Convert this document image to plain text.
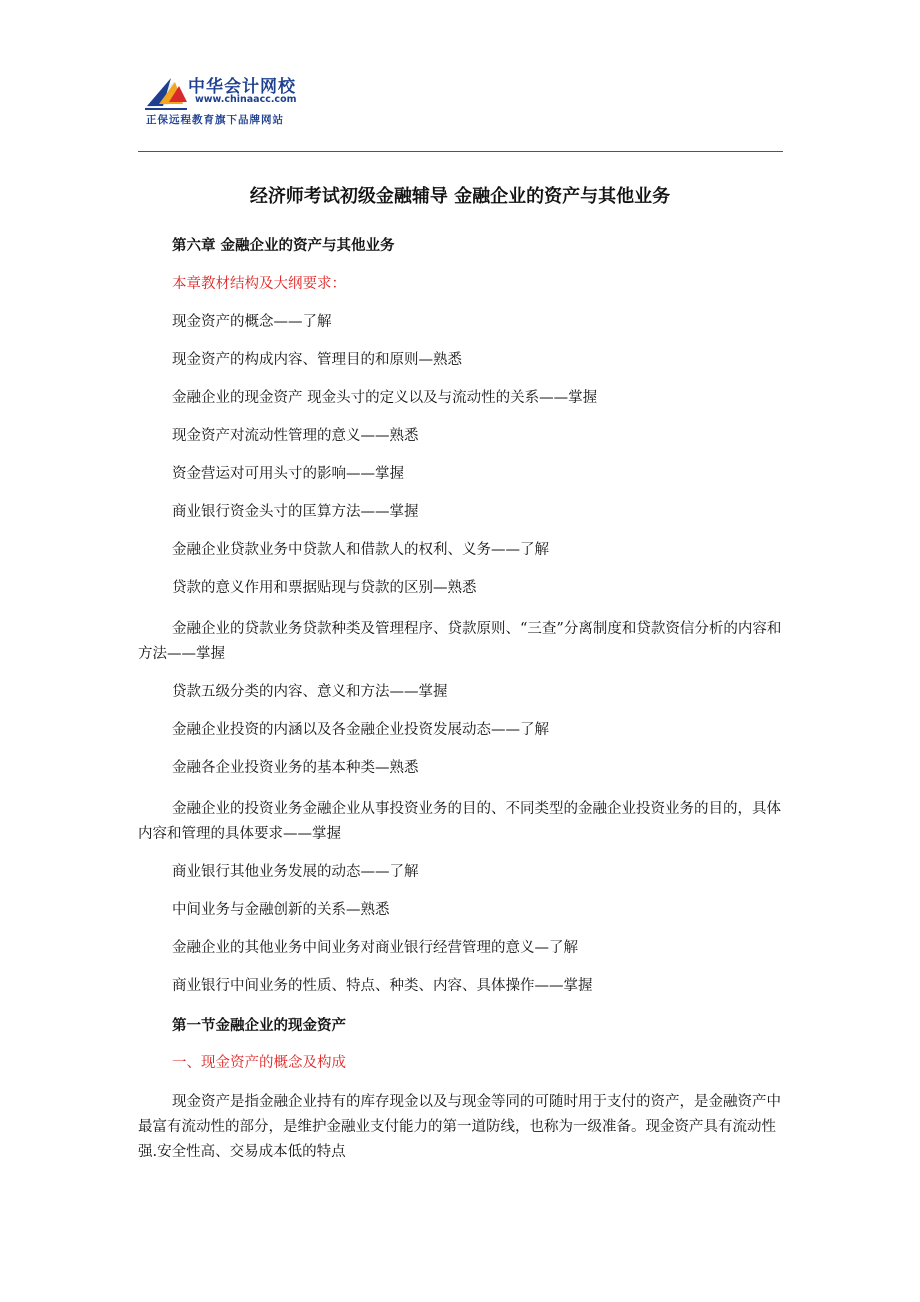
中华会计网校
www.chinaacc.com
正保远程教育旗下品牌网站
经济师考试初级金融辅导 金融企业的资产与其他业务
第六章 金融企业的资产与其他业务
本章教材结构及大纲要求：
现金资产的概念——了解
现金资产的构成内容、管理目的和原则—熟悉
金融企业的现金资产 现金头寸的定义以及与流动性的关系——掌握
现金资产对流动性管理的意义——熟悉
资金营运对可用头寸的影响——掌握
商业银行资金头寸的匡算方法——掌握
金融企业贷款业务中贷款人和借款人的权利、义务——了解
贷款的意义作用和票据贴现与贷款的区别—熟悉
金融企业的贷款业务贷款种类及管理程序、贷款原则、“三查”分离制度和贷款资信分析的内容和方法——掌握
贷款五级分类的内容、意义和方法——掌握
金融企业投资的内涵以及各金融企业投资发展动态——了解
金融各企业投资业务的基本种类—熟悉
金融企业的投资业务金融企业从事投资业务的目的、不同类型的金融企业投资业务的目的，具体内容和管理的具体要求——掌握
商业银行其他业务发展的动态——了解
中间业务与金融创新的关系—熟悉
金融企业的其他业务中间业务对商业银行经营管理的意义—了解
商业银行中间业务的性质、特点、种类、内容、具体操作——掌握
第一节金融企业的现金资产
一、现金资产的概念及构成
现金资产是指金融企业持有的库存现金以及与现金等同的可随时用于支付的资产，是金融资产中最富有流动性的部分，是维护金融业支付能力的第一道防线，也称为一级准备。现金资产具有流动性强.安全性高、交易成本低的特点
